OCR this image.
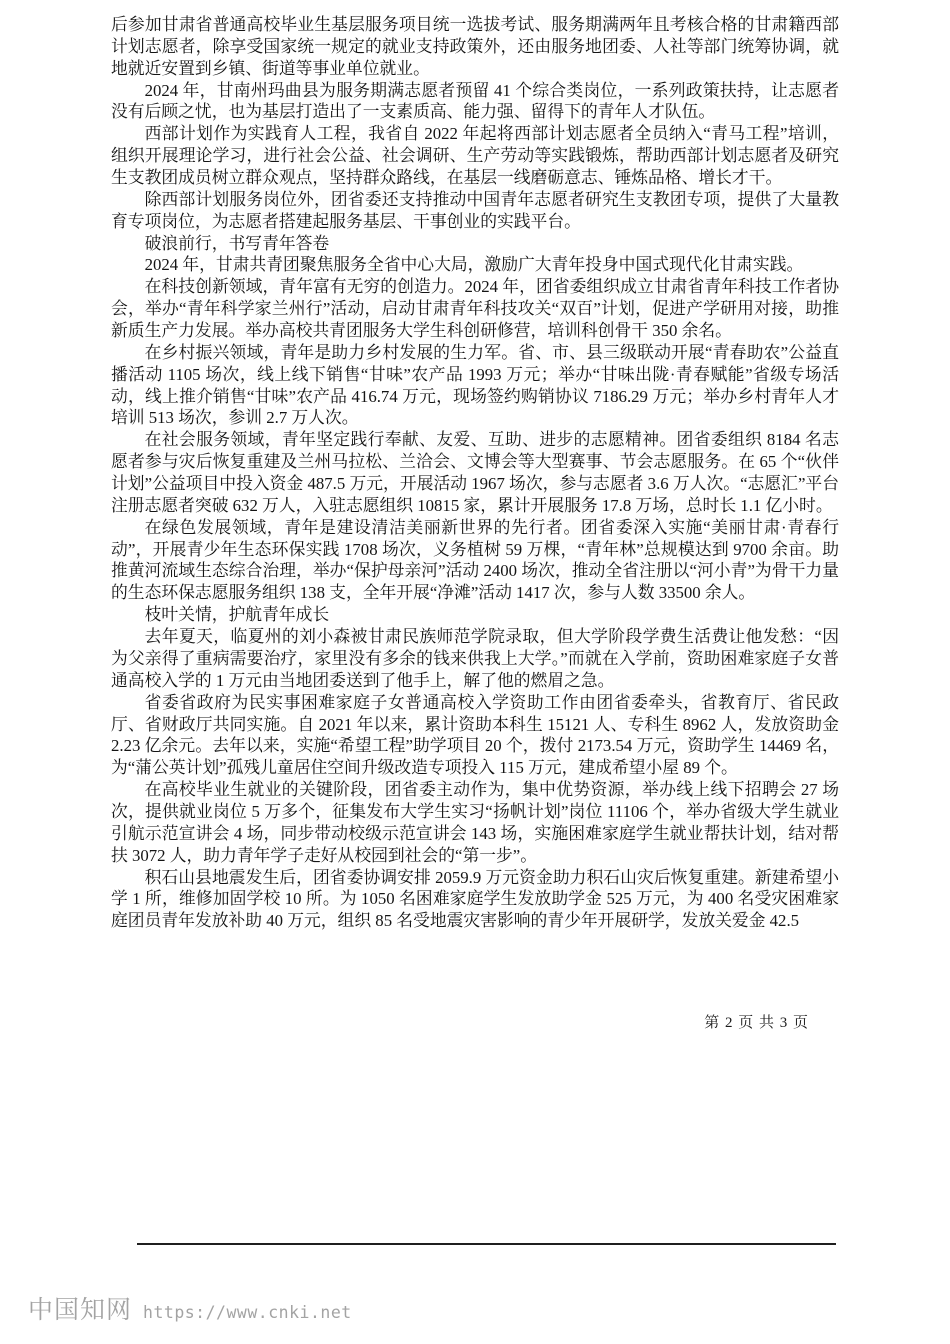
后参加甘肃省普通高校毕业生基层服务项目统一选拔考试、服务期满两年且考核合格的甘肃籍西部计划志愿者，除享受国家统一规定的就业支持政策外，还由服务地团委、人社等部门统筹协调，就地就近安置到乡镇、街道等事业单位就业。

2024 年，甘南州玛曲县为服务期满志愿者预留 41 个综合类岗位，一系列政策扶持，让志愿者没有后顾之忧，也为基层打造出了一支素质高、能力强、留得下的青年人才队伍。

西部计划作为实践育人工程，我省自 2022 年起将西部计划志愿者全员纳入“青马工程”培训，组织开展理论学习，进行社会公益、社会调研、生产劳动等实践锻炼，帮助西部计划志愿者及研究生支教团成员树立群众观点，坚持群众路线，在基层一线磨砺意志、锤炼品格、增长才干。

除西部计划服务岗位外，团省委还支持推动中国青年志愿者研究生支教团专项，提供了大量教育专项岗位，为志愿者搭建起服务基层、干事创业的实践平台。

破浪前行，书写青年答卷

2024 年，甘肃共青团聚焦服务全省中心大局，激励广大青年投身中国式现代化甘肃实践。

在科技创新领域，青年富有无穷的创造力。2024 年，团省委组织成立甘肃省青年科技工作者协会，举办“青年科学家兰州行”活动，启动甘肃青年科技攻关“双百”计划，促进产学研用对接，助推新质生产力发展。举办高校共青团服务大学生科创研修营，培训科创骨干 350 余名。

在乡村振兴领域，青年是助力乡村发展的生力军。省、市、县三级联动开展“青春助农”公益直播活动 1105 场次，线上线下销售“甘味”农产品 1993 万元；举办“甘味出陇·青春赋能”省级专场活动，线上推介销售“甘味”农产品 416.74 万元，现场签约购销协议 7186.29 万元；举办乡村青年人才培训 513 场次，参训 2.7 万人次。

在社会服务领域，青年坚定践行奉献、友爱、互助、进步的志愿精神。团省委组织 8184 名志愿者参与灾后恢复重建及兰州马拉松、兰洽会、文博会等大型赛事、节会志愿服务。在 65 个“伙伴计划”公益项目中投入资金 487.5 万元，开展活动 1967 场次，参与志愿者 3.6 万人次。“志愿汇”平台注册志愿者突破 632 万人，入驻志愿组织 10815 家，累计开展服务 17.8 万场，总时长 1.1 亿小时。

在绿色发展领域，青年是建设清洁美丽新世界的先行者。团省委深入实施“美丽甘肃·青春行动”，开展青少年生态环保实践 1708 场次，义务植树 59 万棵，“青年林”总规模达到 9700 余亩。助推黄河流域生态综合治理，举办“保护母亲河”活动 2400 场次，推动全省注册以“河小青”为骨干力量的生态环保志愿服务组织 138 支，全年开展“净滩”活动 1417 次，参与人数 33500 余人。

枝叶关情，护航青年成长

去年夏天，临夏州的刘小森被甘肃民族师范学院录取，但大学阶段学费生活费让他发愁：“因为父亲得了重病需要治疗，家里没有多余的钱来供我上大学。”而就在入学前，资助困难家庭子女普通高校入学的 1 万元由当地团委送到了他手上，解了他的燃眉之急。

省委省政府为民实事困难家庭子女普通高校入学资助工作由团省委牵头，省教育厅、省民政厅、省财政厅共同实施。自 2021 年以来，累计资助本科生 15121 人、专科生 8962 人，发放资助金 2.23 亿余元。去年以来，实施“希望工程”助学项目 20 个，拨付 2173.54 万元，资助学生 14469 名，为“蒲公英计划”孤残儿童居住空间升级改造专项投入 115 万元，建成希望小屋 89 个。

在高校毕业生就业的关键阶段，团省委主动作为，集中优势资源，举办线上线下招聘会 27 场次，提供就业岗位 5 万多个，征集发布大学生实习“扬帆计划”岗位 11106 个，举办省级大学生就业引航示范宣讲会 4 场，同步带动校级示范宣讲会 143 场，实施困难家庭学生就业帮扶计划，结对帮扶 3072 人，助力青年学子走好从校园到社会的“第一步”。

积石山县地震发生后，团省委协调安排 2059.9 万元资金助力积石山灾后恢复重建。新建希望小学 1 所，维修加固学校 10 所。为 1050 名困难家庭学生发放助学金 525 万元，为 400 名受灾困难家庭团员青年发放补助 40 万元，组织 85 名受地震灾害影响的青少年开展研学，发放关爱金 42.5

第 2 页 共 3 页
中国知网 https://www.cnki.net
